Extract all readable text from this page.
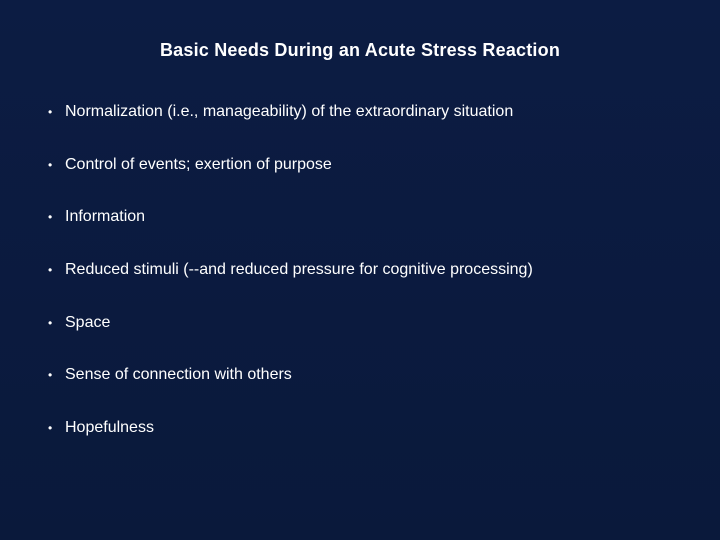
Basic Needs During an Acute Stress Reaction
• Normalization (i.e., manageability) of the extraordinary situation
• Control of events; exertion of purpose
• Information
• Reduced stimuli (--and reduced pressure for cognitive processing)
• Space
• Sense of connection with others
• Hopefulness
